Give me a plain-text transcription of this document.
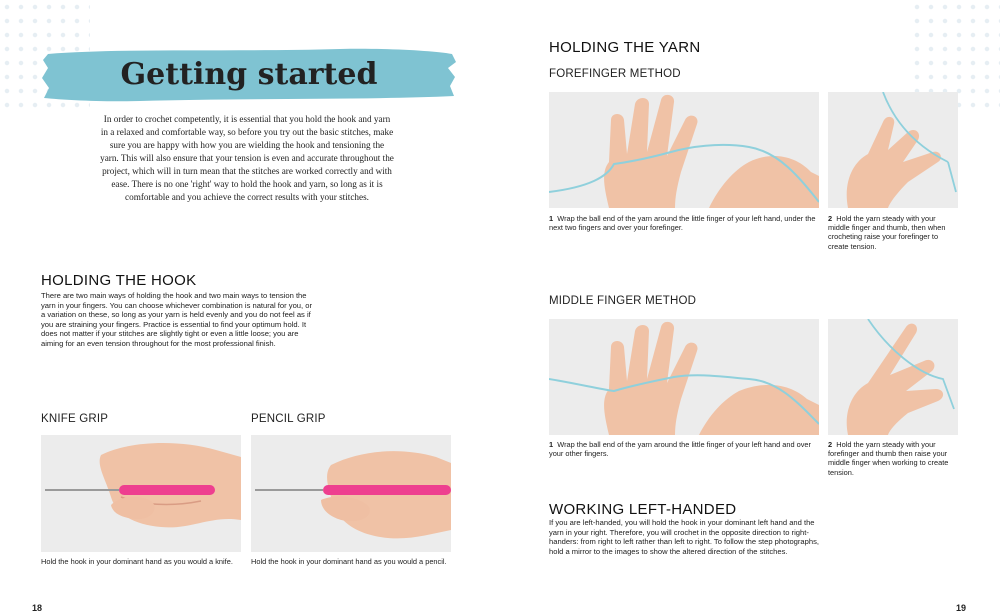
Getting started
In order to crochet competently, it is essential that you hold the hook and yarn in a relaxed and comfortable way, so before you try out the basic stitches, make sure you are happy with how you are wielding the hook and tensioning the yarn. This will also ensure that your tension is even and accurate throughout the project, which will in turn mean that the stitches are worked correctly and with ease. There is no one 'right' way to hold the hook and yarn, so long as it is comfortable and you achieve the correct results with your stitches.
HOLDING THE HOOK
There are two main ways of holding the hook and two main ways to tension the yarn in your fingers. You can choose whichever combination is natural for you, or a variation on these, so long as your yarn is held evenly and you do not feel as if you are straining your fingers. Practice is essential to find your optimum hold. It does not matter if your stitches are slightly tight or even a little loose; you are aiming for an even tension throughout for the most professional finish.
KNIFE GRIP	PENCIL GRIP
Hold the hook in your dominant hand as you would a knife.	Hold the hook in your dominant hand as you would a pencil.
18
HOLDING THE YARN
FOREFINGER METHOD
1 Wrap the ball end of the yarn around the little finger of your left hand, under the next two fingers and over your forefinger.
2 Hold the yarn steady with your middle finger and thumb, then when crocheting raise your forefinger to create tension.
MIDDLE FINGER METHOD
1 Wrap the ball end of the yarn around the little finger of your left hand and over your other fingers.
2 Hold the yarn steady with your forefinger and thumb then raise your middle finger when working to create tension.
WORKING LEFT-HANDED
If you are left-handed, you will hold the hook in your dominant left hand and the yarn in your right. Therefore, you will crochet in the opposite direction to right-handers: from right to left rather than left to right. To follow the step photographs, hold a mirror to the images to show the altered direction of the stitches.
19
